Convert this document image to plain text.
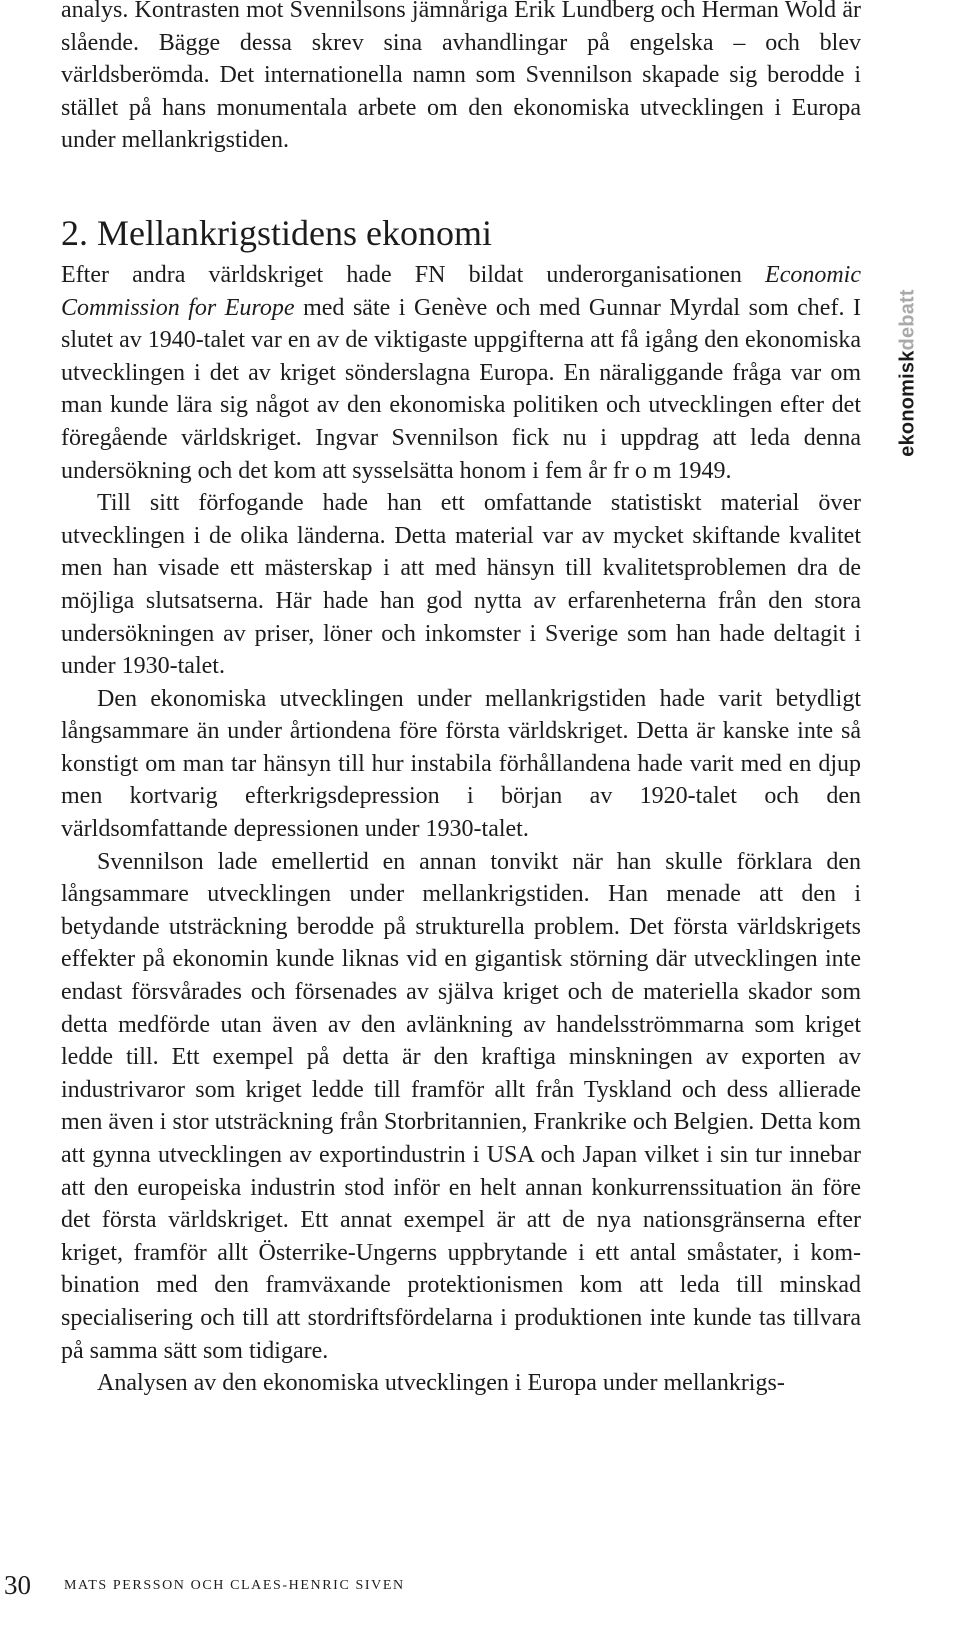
analys. Kontrasten mot Svennilsons jämnåriga Erik Lundberg och Herman Wold är slående. Bägge dessa skrev sina avhandlingar på engelska – och blev världsberömda. Det internationella namn som Svennilson skapade sig berodde i stället på hans monumentala arbete om den ekonomiska utvecklingen i Europa under mellankrigstiden.

2. Mellankrigstidens ekonomi

Efter andra världskriget hade FN bildat underorganisationen Economic Commission for Europe med säte i Genève och med Gunnar Myrdal som chef. I slutet av 1940-talet var en av de viktigaste uppgifterna att få igång den ekonomiska utvecklingen i det av kriget sönderslagna Europa. En näraliggande fråga var om man kunde lära sig något av den ekonomiska politiken och utvecklingen efter det föregående världskriget. Ingvar Svennilson fick nu i uppdrag att leda denna undersökning och det kom att sysselsätta honom i fem år fr o m 1949.

Till sitt förfogande hade han ett omfattande statistiskt material över utvecklingen i de olika länderna. Detta material var av mycket skiftande kvalitet men han visade ett mästerskap i att med hänsyn till kvalitetsproblemen dra de möjliga slutsatserna. Här hade han god nytta av erfarenheterna från den stora undersökningen av priser, löner och inkomster i Sverige som han hade deltagit i under 1930-talet.

Den ekonomiska utvecklingen under mellankrigstiden hade varit betydligt långsammare än under årtiondena före första världskriget. Detta är kanske inte så konstigt om man tar hänsyn till hur instabila förhållandena hade varit med en djup men kortvarig efterkrigsdepression i början av 1920-talet och den världsomfattande depressionen under 1930-talet.

Svennilson lade emellertid en annan tonvikt när han skulle förklara den långsammare utvecklingen under mellankrigstiden. Han menade att den i betydande utsträckning berodde på strukturella problem. Det första världskrigets effekter på ekonomin kunde liknas vid en gigantisk störning där utvecklingen inte endast försvårades och försenades av själva kriget och de materiella skador som detta medförde utan även av den avlänkning av handelsströmmarna som kriget ledde till. Ett exempel på detta är den kraftiga minskningen av exporten av industrivaror som kriget ledde till framför allt från Tyskland och dess allierade men även i stor utsträckning från Storbritannien, Frankrike och Belgien. Detta kom att gynna utvecklingen av exportindustrin i USA och Japan vilket i sin tur innebar att den europeiska industrin stod inför en helt annan konkurrenssituation än före det första världskriget. Ett annat exempel är att de nya nationsgränserna efter kriget, framför allt Österrike-Ungerns uppbrytande i ett antal småstater, i kombination med den framväxande protektionismen kom att leda till minskad specialisering och till att stordriftsfördelarna i produktionen inte kunde tas tillvara på samma sätt som tidigare.

Analysen av den ekonomiska utvecklingen i Europa under mellankrigs-

ekonomiskdebatt
30 MATS PERSSON OCH CLAES-HENRIC SIVEN
